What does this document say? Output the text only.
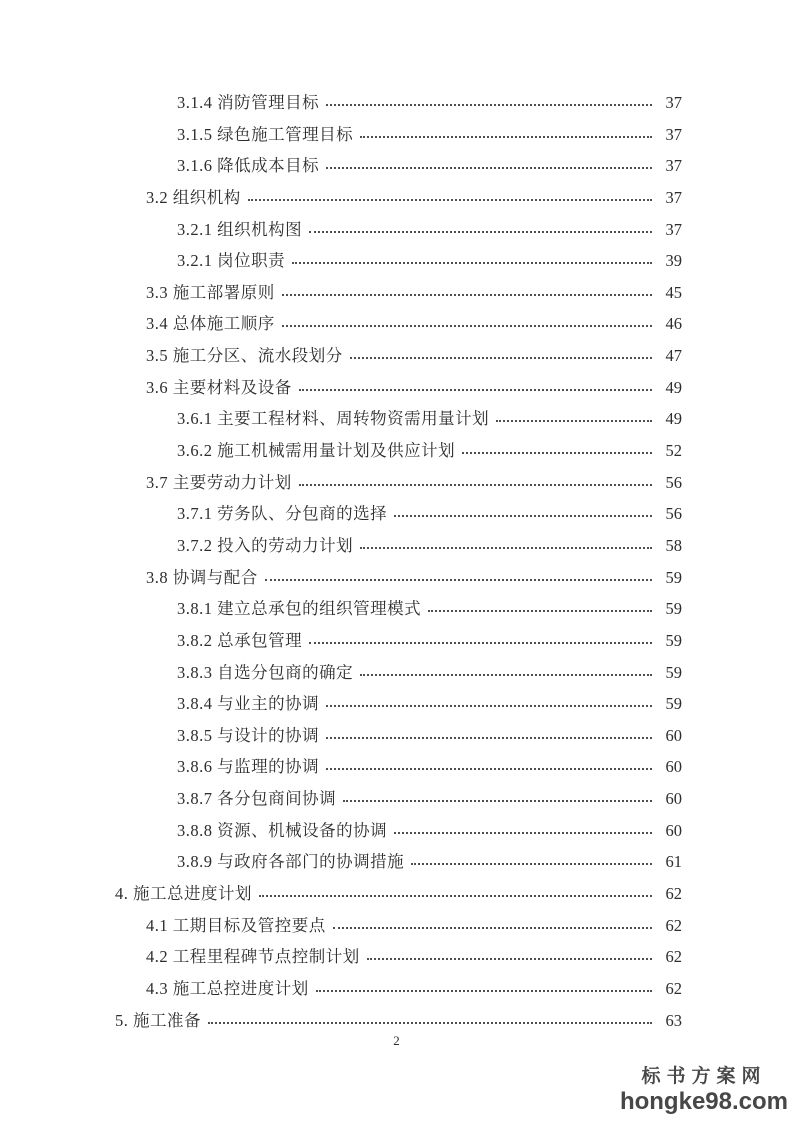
3.1.4 消防管理目标	37
3.1.5 绿色施工管理目标	37
3.1.6 降低成本目标	37
3.2 组织机构	37
3.2.1 组织机构图	37
3.2.1 岗位职责	39
3.3 施工部署原则	45
3.4 总体施工顺序	46
3.5 施工分区、流水段划分	47
3.6 主要材料及设备	49
3.6.1 主要工程材料、周转物资需用量计划	49
3.6.2 施工机械需用量计划及供应计划	52
3.7 主要劳动力计划	56
3.7.1 劳务队、分包商的选择	56
3.7.2 投入的劳动力计划	58
3.8 协调与配合	59
3.8.1 建立总承包的组织管理模式	59
3.8.2 总承包管理	59
3.8.3 自选分包商的确定	59
3.8.4 与业主的协调	59
3.8.5 与设计的协调	60
3.8.6 与监理的协调	60
3.8.7 各分包商间协调	60
3.8.8 资源、机械设备的协调	60
3.8.9 与政府各部门的协调措施	61
4. 施工总进度计划	62
4.1 工期目标及管控要点	62
4.2 工程里程碑节点控制计划	62
4.3 施工总控进度计划	62
5. 施工准备	63
2
标书方案网
hongke98.com
